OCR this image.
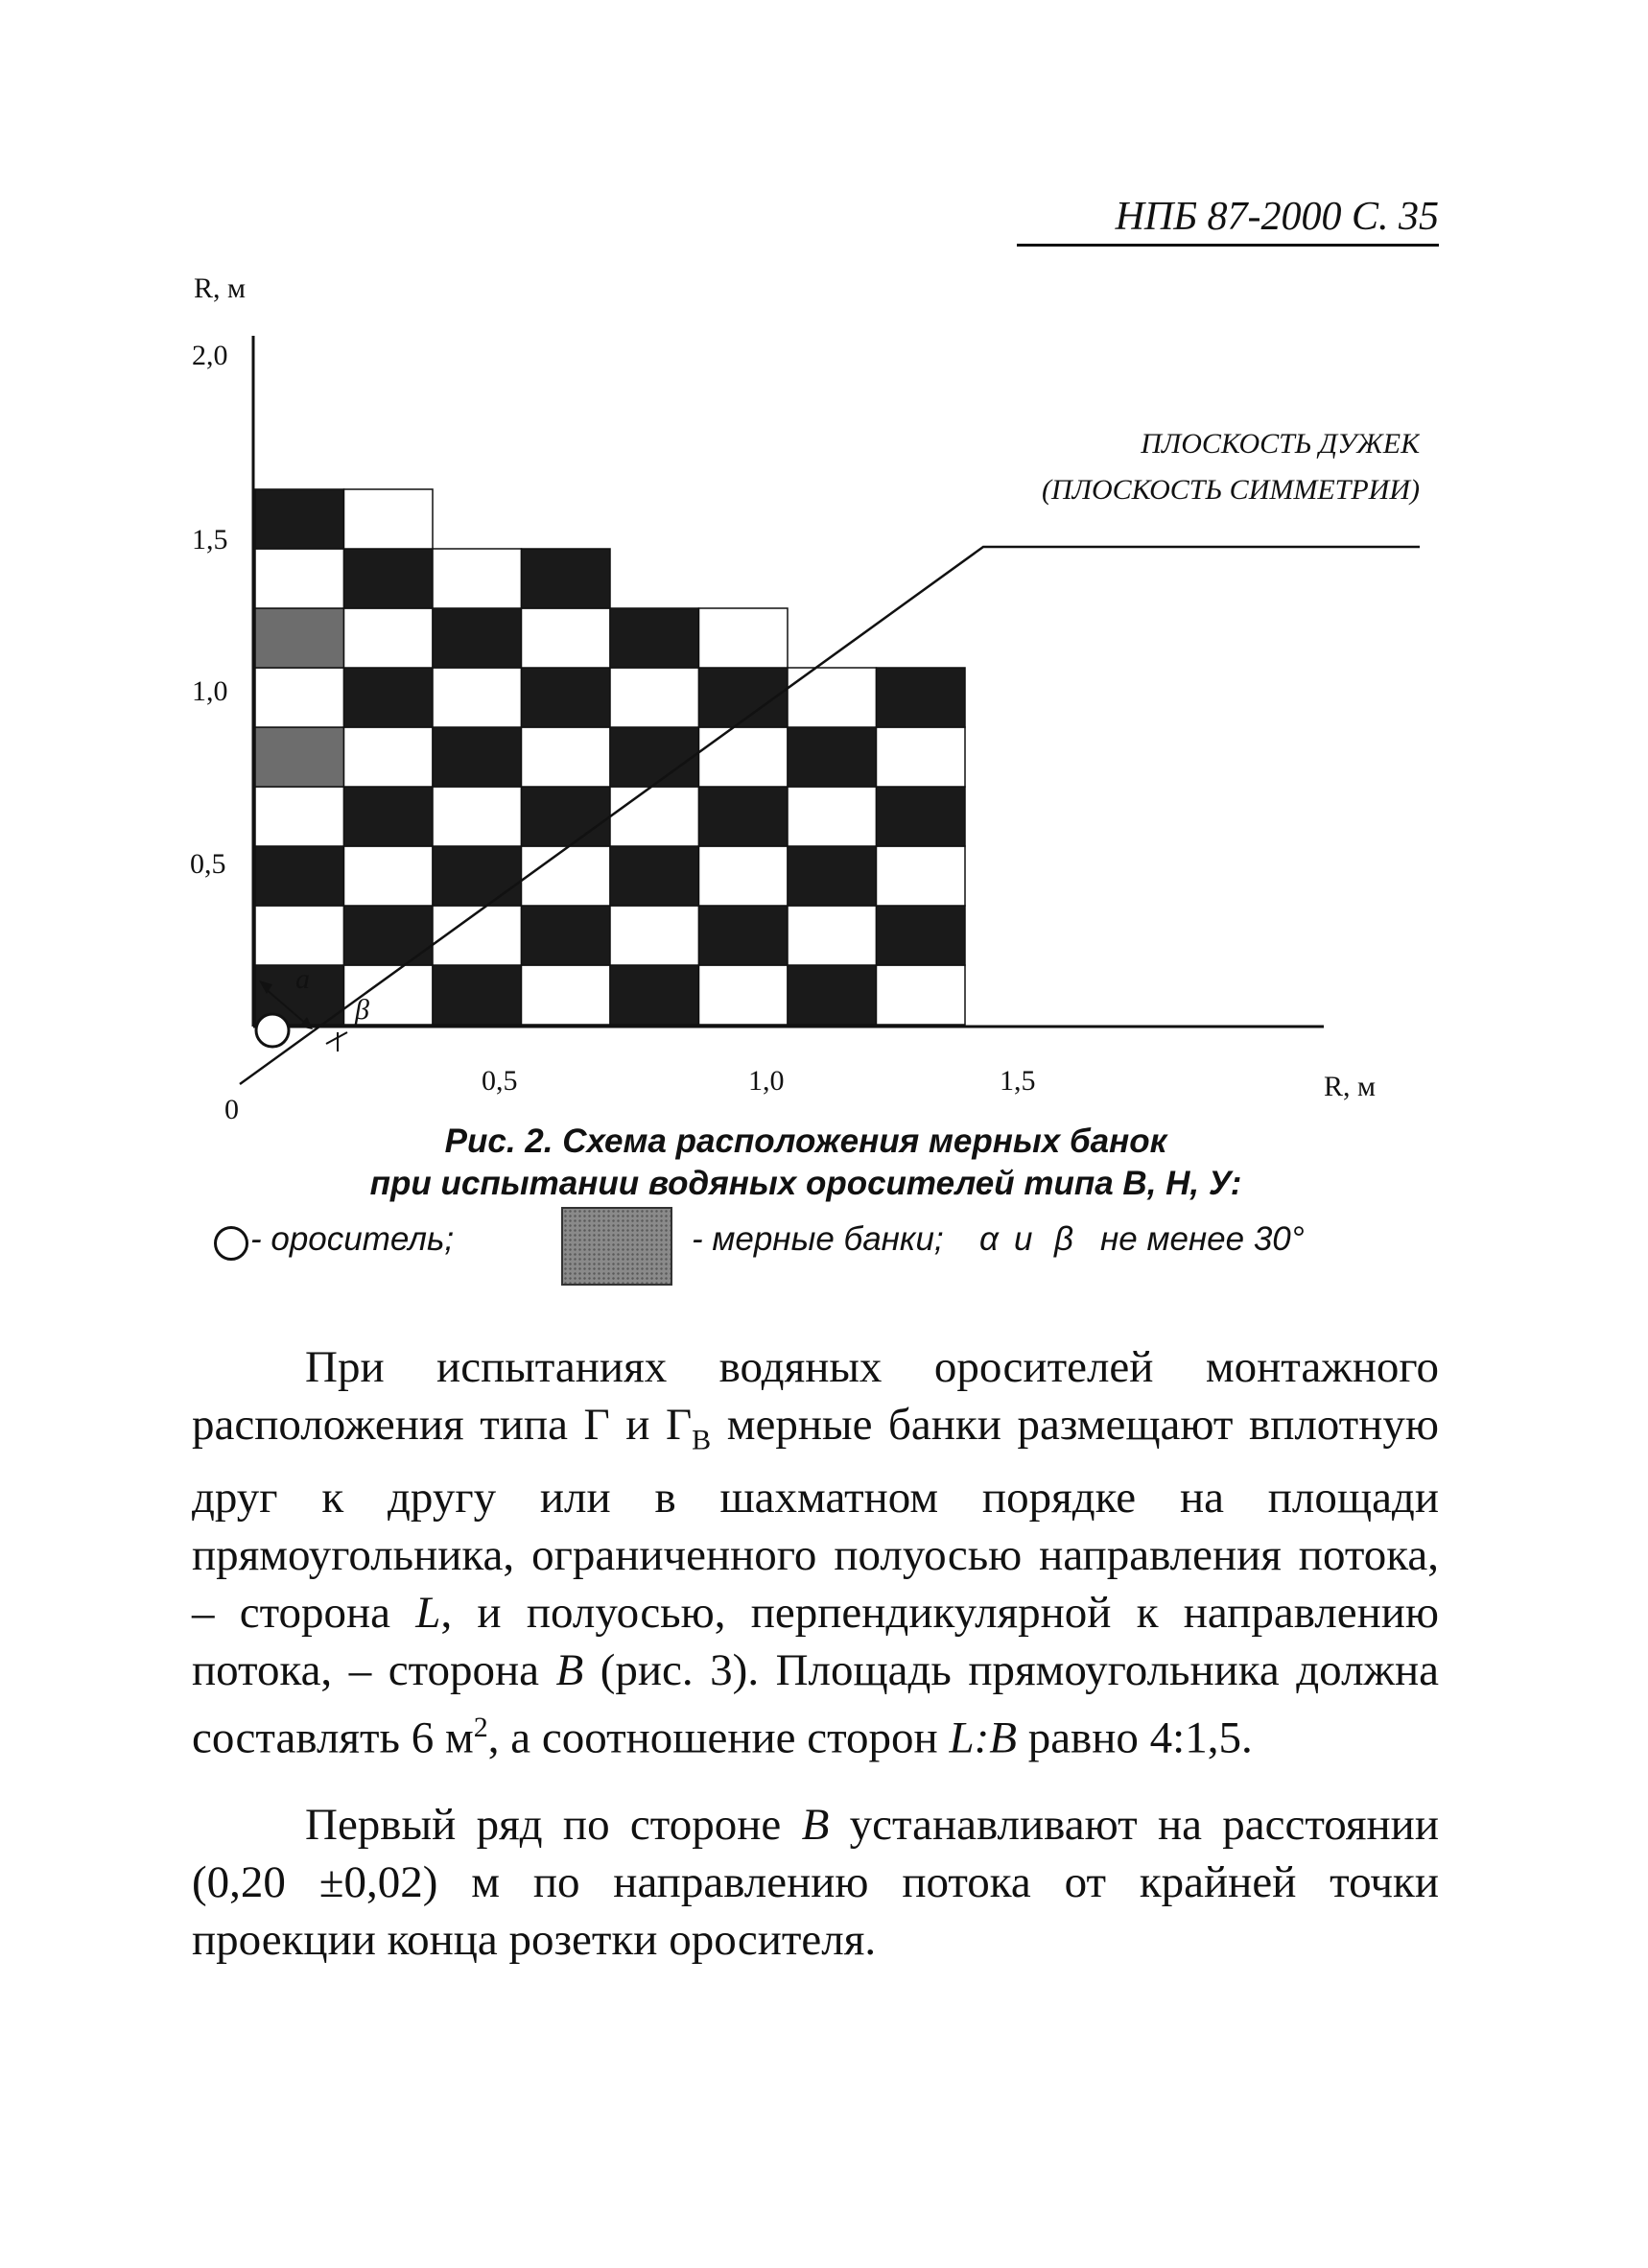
НПБ 87-2000 С. 35
R, м
2,0
1,5
1,0
0,5
0
0,5	1,0	1,5	R, м
ПЛОСКОСТЬ ДУЖЕК
(ПЛОСКОСТЬ СИММЕТРИИ)
a
β
Рис. 2. Схема расположения мерных банок
при испытании водяных оросителей типа В, Н, У:
- ороситель;	- мерные банки; α и β не менее 30°

При испытаниях водяных оросителей монтажного расположения типа Г и $Г_В$ мерные банки размещают вплотную друг к другу или в шахматном порядке на площади прямоугольника, ограниченного полуосью направления потока, – сторона L, и полуосью, перпендикулярной к направлению потока, – сторона B (рис. 3). Площадь прямоугольника должна составлять 6 $м^2$, а соотношение сторон L:B равно 4:1,5.

Первый ряд по стороне B устанавливают на расстоянии (0,20 ±0,02) м по направлению потока от крайней точки проекции конца розетки оросителя.
